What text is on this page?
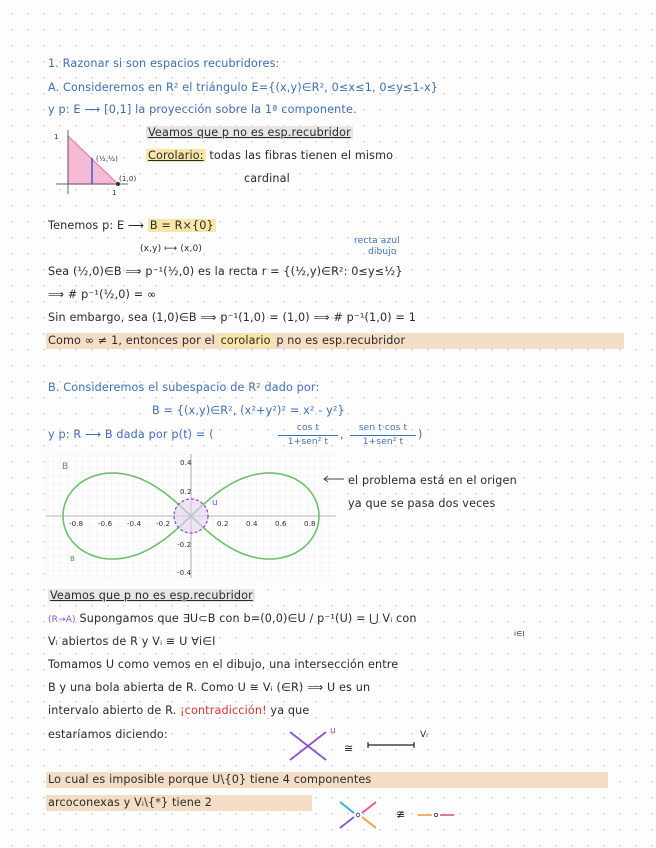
1. Razonar si son espacios recubridores:
A. Consideremos en R² el triángulo E={(x,y)∈R², 0≤x≤1, 0≤y≤1-x}
y p: E ⟶ [0,1] la proyección sobre la 1ª componente.
1
(½,½)
(1,0)
1
Veamos que p no es esp.recubridor
Corolario: todas las fibras tienen el mismo
cardinal
Tenemos p: E ⟶ B = R×{0}
(x,y) ⟼ (x,0)
recta azul
dibujo
Sea (½,0)∈B ⟹ p⁻¹(½,0) es la recta r = {(½,y)∈R²: 0≤y≤½}
⟹ # p⁻¹(½,0) = ∞
Sin embargo, sea (1,0)∈B ⟹ p⁻¹(1,0) = (1,0) ⟹ # p⁻¹(1,0) = 1
Como ∞ ≠ 1, entonces por el corolario p no es esp.recubridor
B. Consideremos el subespacio de R² dado por:
B = {(x,y)∈R², (x²+y²)² = x² - y²}
y p: R ⟶ B dada por p(t) = (	cos t
1+sen² t
,	sen t·cos t
1+sen² t
)
-0.8 -0.6 -0.4 -0.2	0.2 0.4 0.6 0.8
0.4
0.2
-0.2
-0.4
B
u
B
el problema está en el origen
ya que se pasa dos veces
Veamos que p no es esp.recubridor
(R→A) Supongamos que ∃U⊂B con b=(0,0)∈U / p⁻¹(U) = ⋃ Vᵢ con
i∈I
Vᵢ abiertos de R y Vᵢ ≅ U ∀i∈I
Tomamos U como vemos en el dibujo, una intersección entre
B y una bola abierta de R. Como U ≅ Vᵢ (∈R) ⟹ U es un
intervalo abierto de R. ¡contradicción! ya que
estaríamos diciendo:	u
≅
Vᵢ
Lo cual es imposible porque U\{0} tiene 4 componentes
arcoconexas y Vᵢ\{*} tiene 2
≇
